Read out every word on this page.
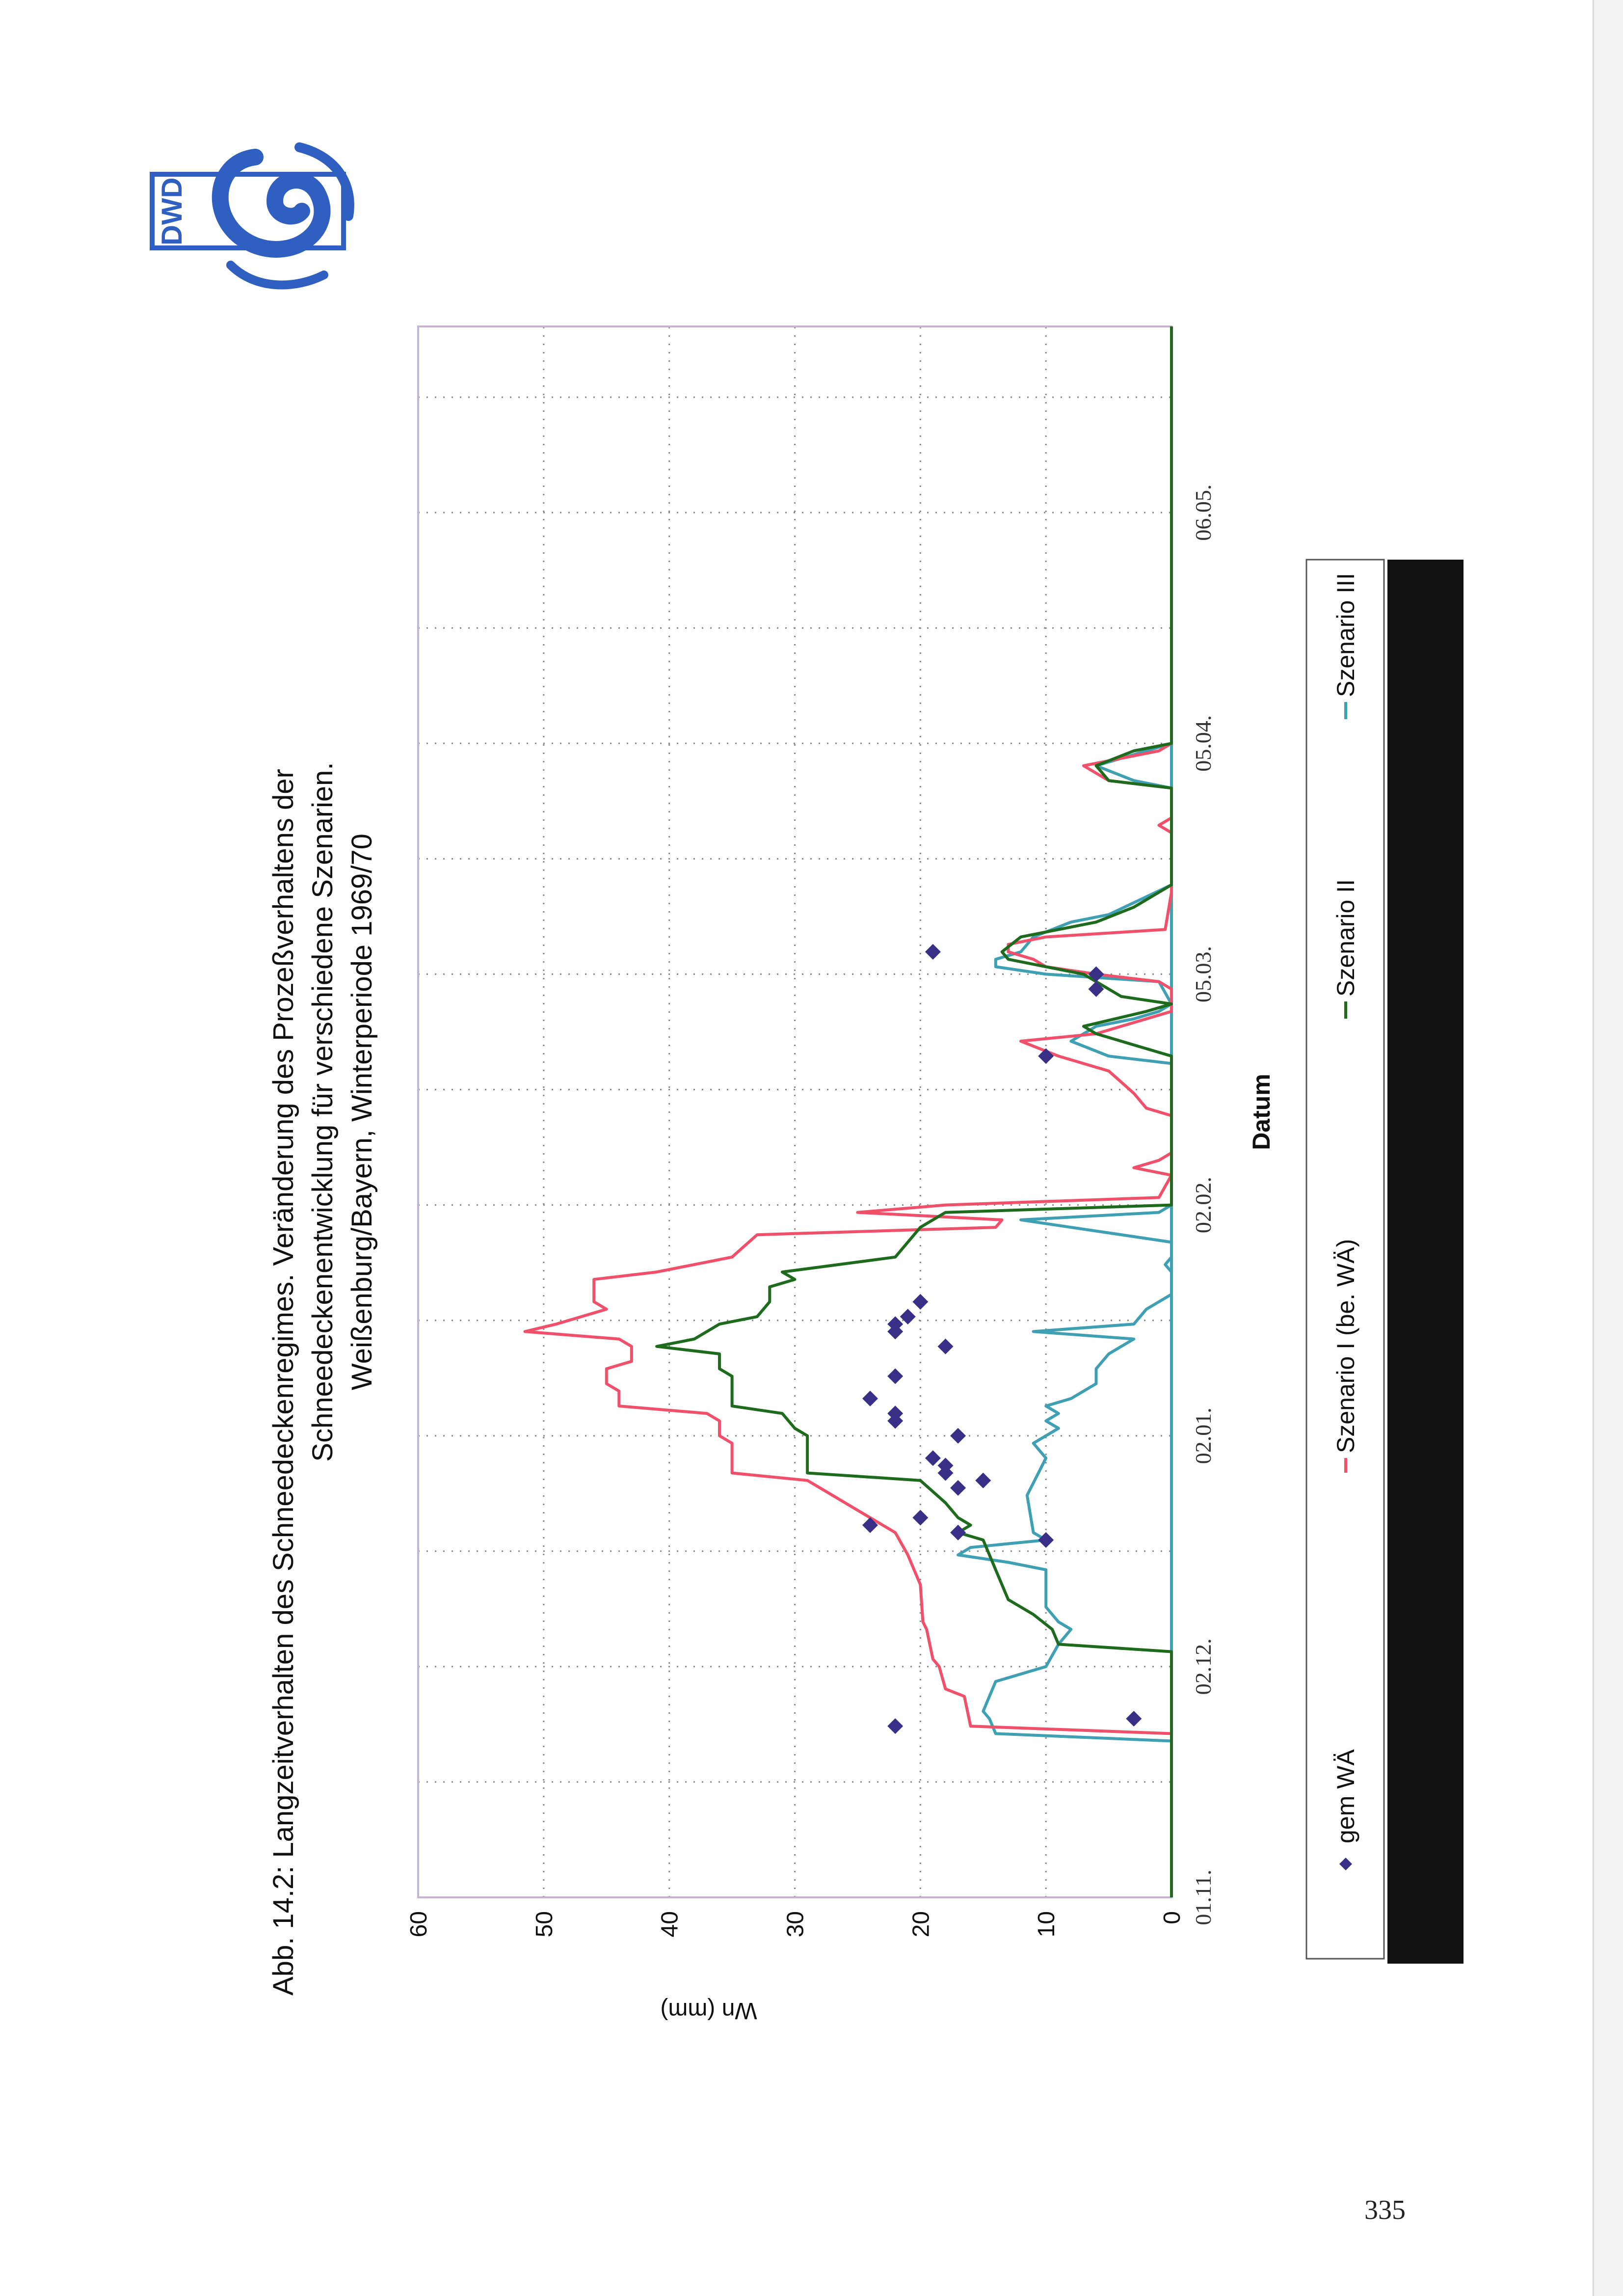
DWD
0
10
20
30
40
50
60	01.11.
02.12.
02.01.
02.02.
05.03.
05.04.
06.05.
Wn (mm)
Datum
Abb. 14.2: Langzeitverhalten des Schneedeckenregimes. Veränderung des Prozeßverhaltens der Schneedeckenentwicklung für verschiedene Szenarien. Weißenburg/Bayern, Winterperiode 1969/70
gem WÄ
Szenario I (be. WÄ)
Szenario II
Szenario III
335
